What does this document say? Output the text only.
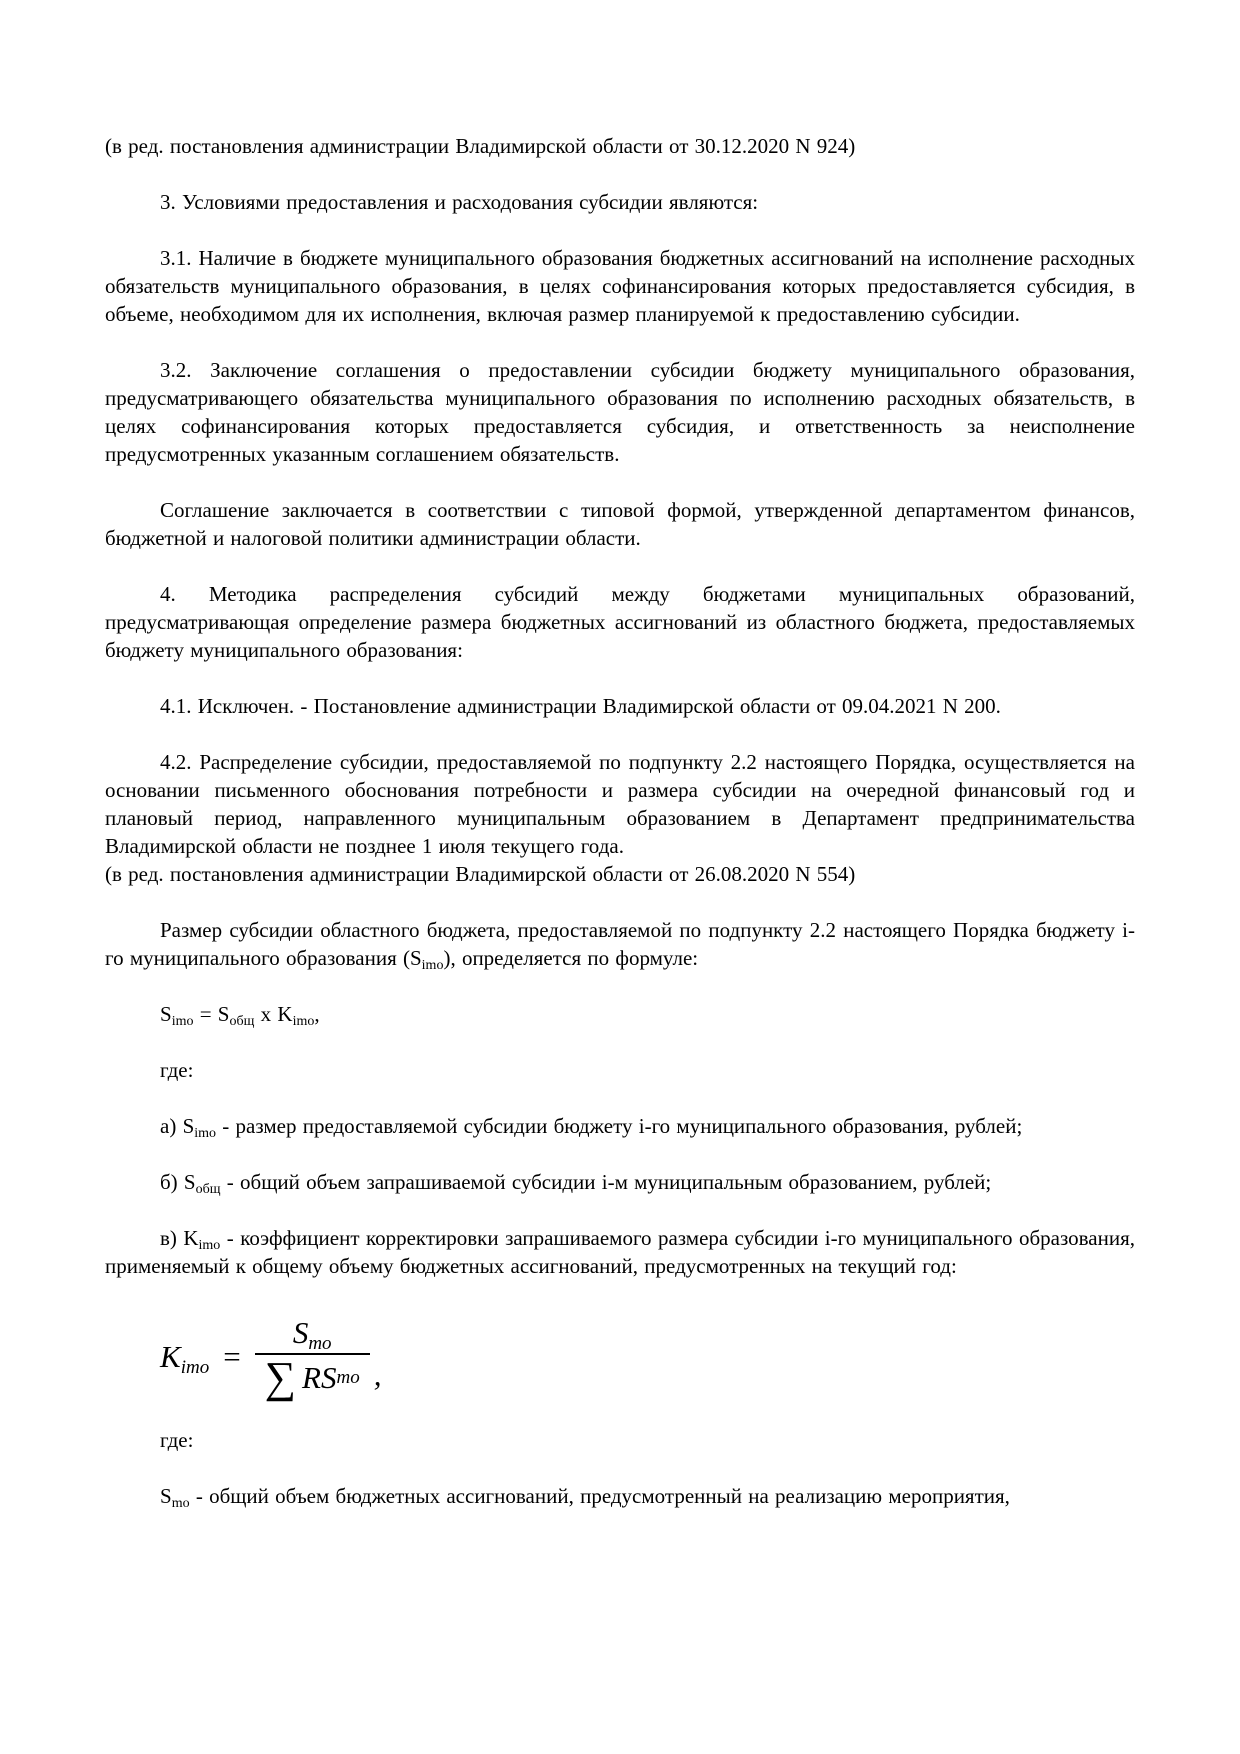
(в ред. постановления администрации Владимирской области от 30.12.2020 N 924)

3. Условиями предоставления и расходования субсидии являются:

3.1. Наличие в бюджете муниципального образования бюджетных ассигнований на исполнение расходных обязательств муниципального образования, в целях софинансирования которых предоставляется субсидия, в объеме, необходимом для их исполнения, включая размер планируемой к предоставлению субсидии.

3.2. Заключение соглашения о предоставлении субсидии бюджету муниципального образования, предусматривающего обязательства муниципального образования по исполнению расходных обязательств, в целях софинансирования которых предоставляется субсидия, и ответственность за неисполнение предусмотренных указанным соглашением обязательств.

Соглашение заключается в соответствии с типовой формой, утвержденной департаментом финансов, бюджетной и налоговой политики администрации области.

4. Методика распределения субсидий между бюджетами муниципальных образований, предусматривающая определение размера бюджетных ассигнований из областного бюджета, предоставляемых бюджету муниципального образования:

4.1. Исключен. - Постановление администрации Владимирской области от 09.04.2021 N 200.

4.2. Распределение субсидии, предоставляемой по подпункту 2.2 настоящего Порядка, осуществляется на основании письменного обоснования потребности и размера субсидии на очередной финансовый год и плановый период, направленного муниципальным образованием в Департамент предпринимательства Владимирской области не позднее 1 июля текущего года.

(в ред. постановления администрации Владимирской области от 26.08.2020 N 554)

Размер субсидии областного бюджета, предоставляемой по подпункту 2.2 настоящего Порядка бюджету i-го муниципального образования $(S_{imo})$, определяется по формуле:

$S_{imo} = S_{общ}$ x $K_{imo}$,

где:

а) $S_{imo}$ - размер предоставляемой субсидии бюджету i-го муниципального образования, рублей;

б) $S_{общ}$ - общий объем запрашиваемой субсидии i-м муниципальным образованием, рублей;

в) $K_{imo}$ - коэффициент корректировки запрашиваемого размера субсидии i-го муниципального образования, применяемый к общему объему бюджетных ассигнований, предусмотренных на текущий год:

$K_{imo} = \frac{S_{mo}}{\text{∑ RS mo}}$ ,

где:

$S_{mo}$ - общий объем бюджетных ассигнований, предусмотренный на реализацию мероприятия,
